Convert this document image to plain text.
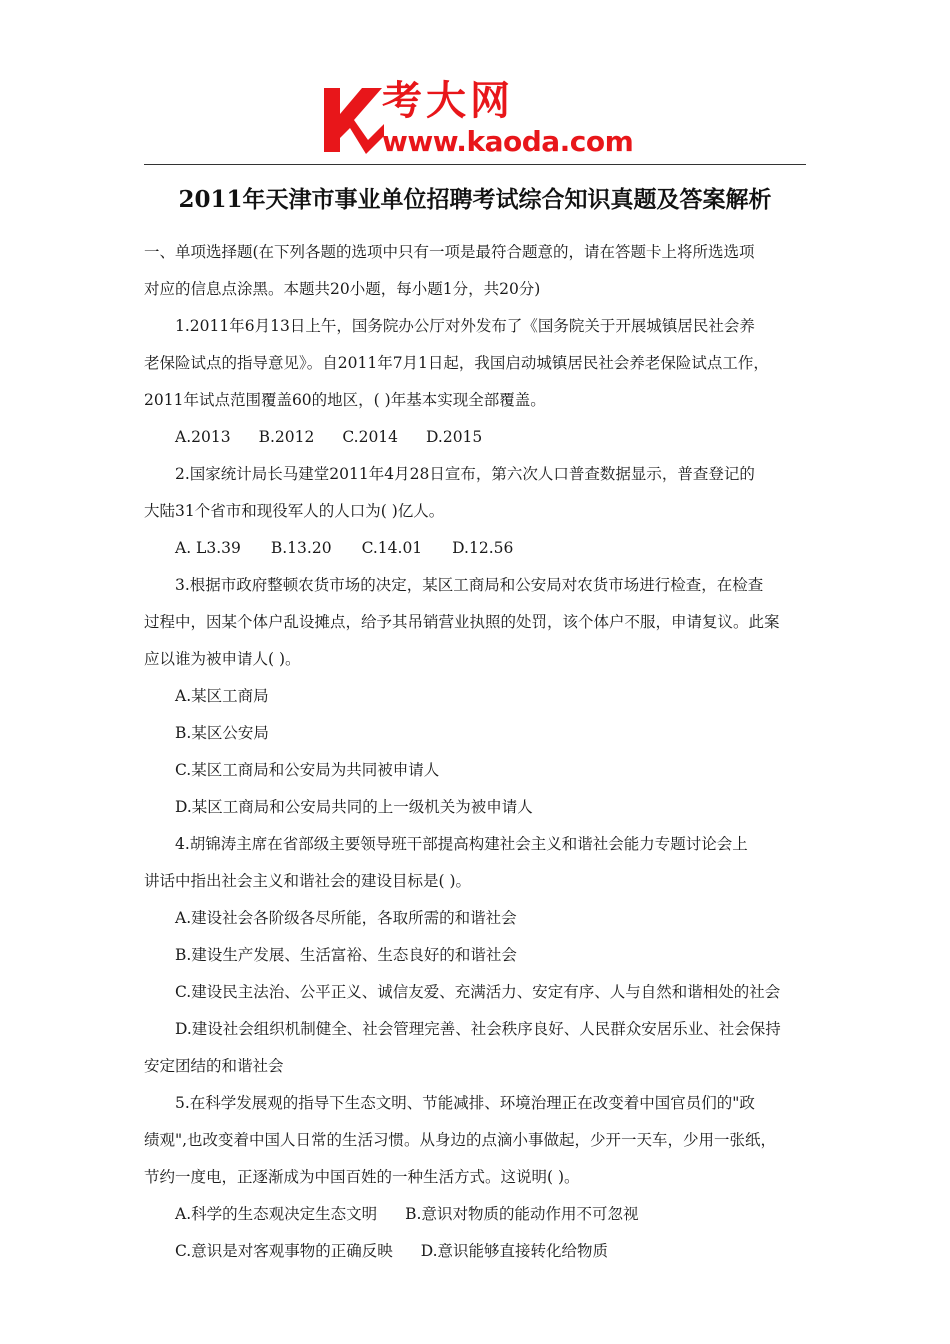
考大网
www.kaoda.com
2011年天津市事业单位招聘考试综合知识真题及答案解析

一、单项选择题(在下列各题的选项中只有一项是最符合题意的，请在答题卡上将所选选项

对应的信息点涂黑。本题共20小题，每小题1分，共20分)

1.2011年6月13日上午，国务院办公厅对外发布了《国务院关于开展城镇居民社会养

老保险试点的指导意见》。自2011年7月1日起，我国启动城镇居民社会养老保险试点工作，

2011年试点范围覆盖60的地区，( )年基本实现全部覆盖。

A.2013 B.2012 C.2014 D.2015

2.国家统计局长马建堂2011年4月28日宣布，第六次人口普查数据显示，普查登记的

大陆31个省市和现役军人的人口为( )亿人。

A. L3.39 B.13.20 C.14.01 D.12.56

3.根据市政府整顿农货市场的决定，某区工商局和公安局对农货市场进行检查，在检查

过程中，因某个体户乱设摊点，给予其吊销营业执照的处罚，该个体户不服，申请复议。此案

应以谁为被申请人( )。

A.某区工商局

B.某区公安局

C.某区工商局和公安局为共同被申请人

D.某区工商局和公安局共同的上一级机关为被申请人

4.胡锦涛主席在省部级主要领导班干部提高构建社会主义和谐社会能力专题讨论会上

讲话中指出社会主义和谐社会的建设目标是( )。

A.建设社会各阶级各尽所能，各取所需的和谐社会

B.建设生产发展、生活富裕、生态良好的和谐社会

C.建设民主法治、公平正义、诚信友爱、充满活力、安定有序、人与自然和谐相处的社会

D.建设社会组织机制健全、社会管理完善、社会秩序良好、人民群众安居乐业、社会保持

安定团结的和谐社会

5.在科学发展观的指导下生态文明、节能减排、环境治理正在改变着中国官员们的"政

绩观",也改变着中国人日常的生活习惯。从身边的点滴小事做起，少开一天车，少用一张纸，

节约一度电，正逐渐成为中国百姓的一种生活方式。这说明( )。

A.科学的生态观决定生态文明 B.意识对物质的能动作用不可忽视

C.意识是对客观事物的正确反映 D.意识能够直接转化给物质
